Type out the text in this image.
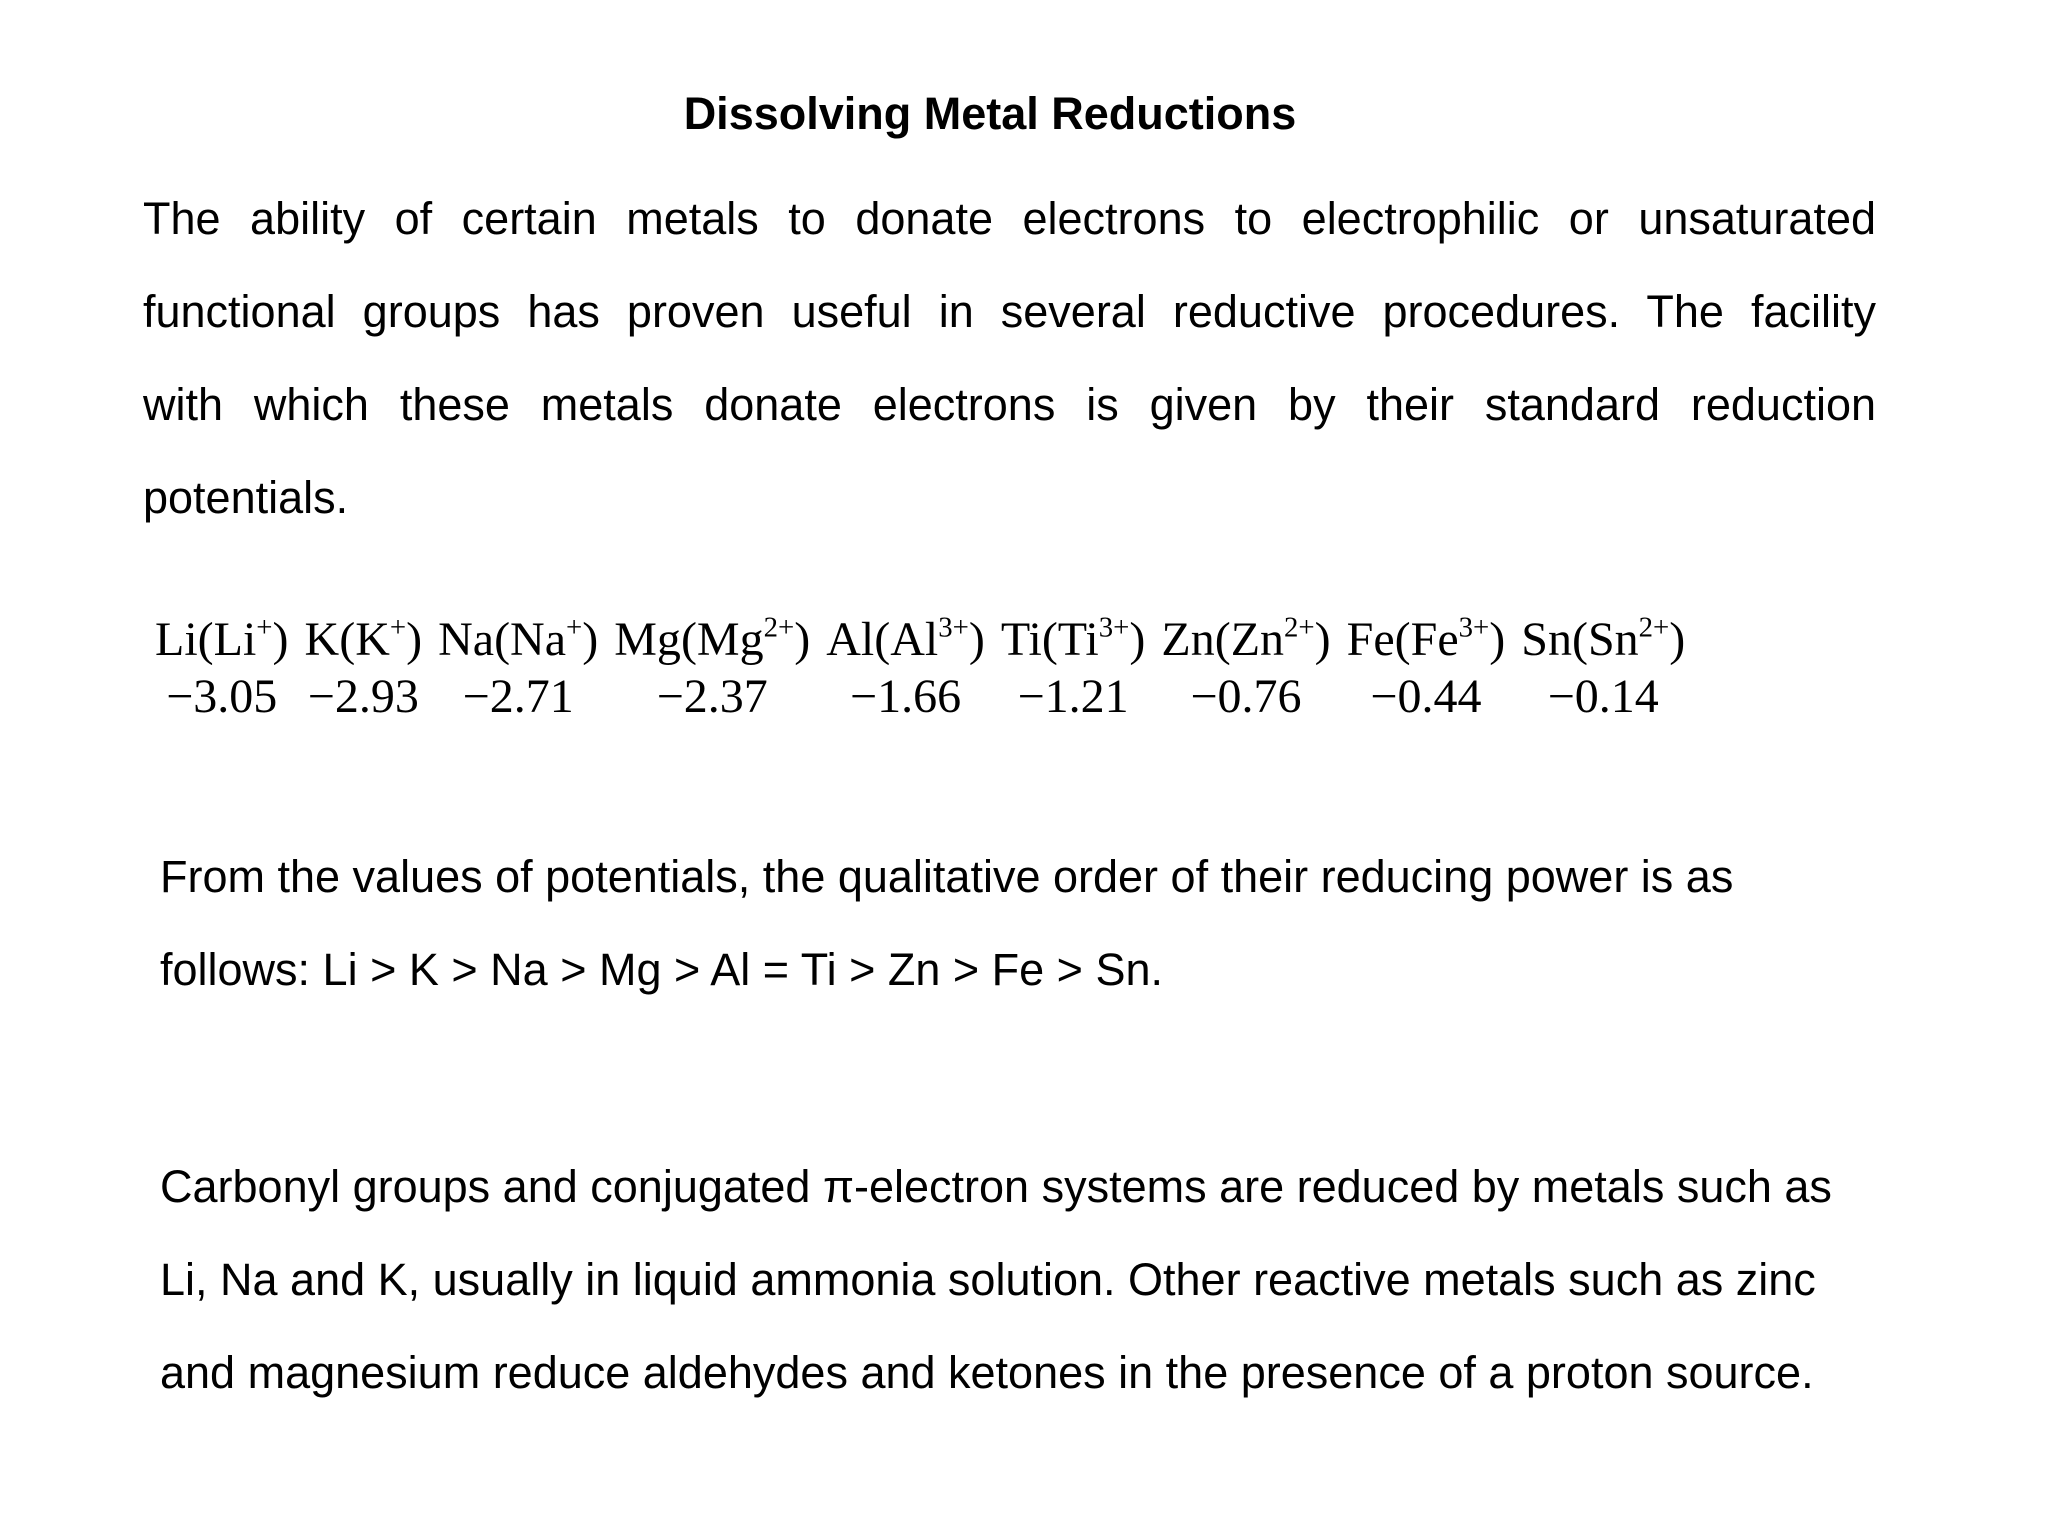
Dissolving Metal Reductions
The ability of certain metals to donate electrons to electrophilic or unsaturated
functional groups has proven useful in several reductive procedures. The facility
with which these metals donate electrons is given by their standard reduction
potentials.
Li(Li+)	K(K+)	Na(Na+)	$Mg(Mg^{2+})$	$Al(Al^{3+})$	$Ti(Ti^{3+})$	$Zn(Zn^{2+})$	$Fe(Fe^{3+})$	$Sn(Sn^{2+})$
−3.05	−2.93	−2.71	−2.37	−1.66	−1.21	−0.76	−0.44	−0.14
From the values of potentials, the qualitative order of their reducing power is as
follows: Li > K > Na > Mg > Al = Ti > Zn > Fe > Sn.
Carbonyl groups and conjugated π-electron systems are reduced by metals such as
Li, Na and K, usually in liquid ammonia solution. Other reactive metals such as zinc
and magnesium reduce aldehydes and ketones in the presence of a proton source.
